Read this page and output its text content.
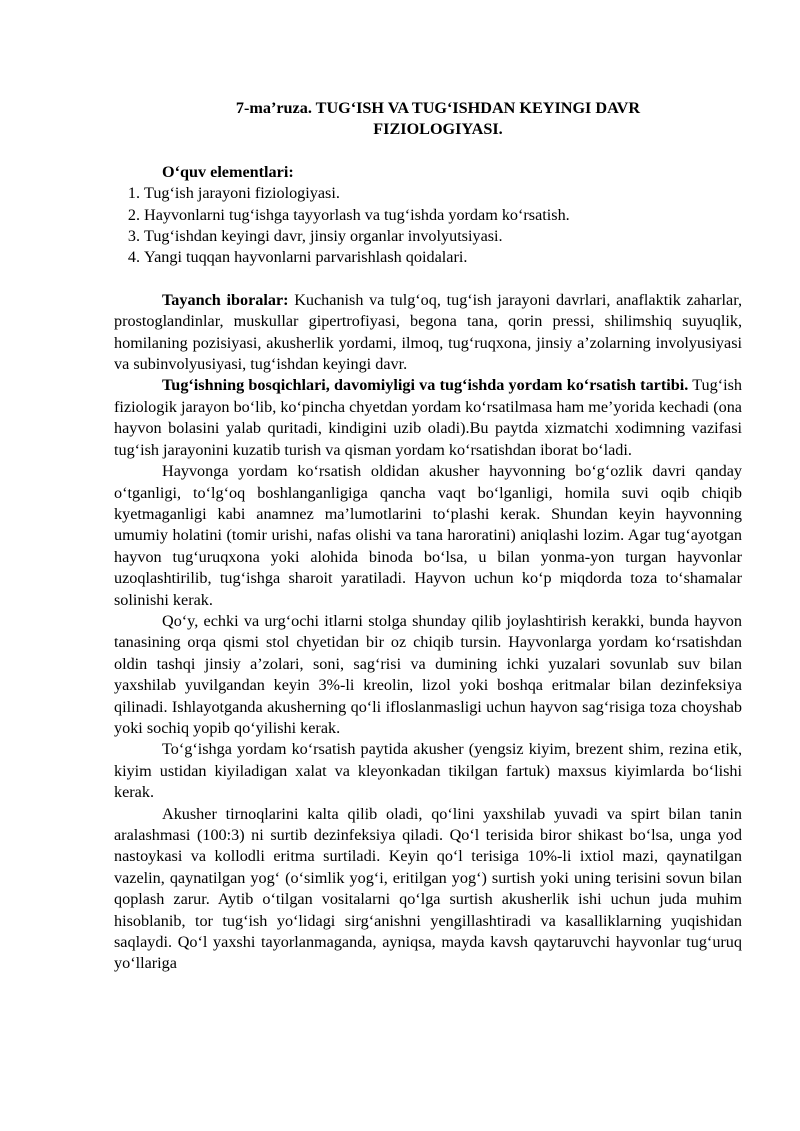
7-ma’ruza. TUG‘ISH VA TUG‘ISHDAN KEYINGI DAVR
FIZIOLOGIYASI.

O‘quv elementlari:

1. Tug‘ish jarayoni fiziologiyasi.
2. Hayvonlarni tug‘ishga tayyorlash va tug‘ishda yordam ko‘rsatish.
3. Tug‘ishdan keyingi davr, jinsiy organlar involyutsiyasi.
4. Yangi tuqqan hayvonlarni parvarishlash qoidalari.

Tayanch iboralar: Kuchanish va tulg‘oq, tug‘ish jarayoni davrlari, anaflaktik zaharlar, prostoglandinlar, muskullar gipertrofiyasi, begona tana, qorin pressi, shilimshiq suyuqlik, homilaning pozisiyasi, akusherlik yordami, ilmoq, tug‘ruqxona, jinsiy a’zolarning involyusiyasi va subinvolyusiyasi, tug‘ishdan keyingi davr.

Tug‘ishning bosqichlari, davomiyligi va tug‘ishda yordam ko‘rsatish tartibi. Tug‘ish fiziologik jarayon bo‘lib, ko‘pincha chyetdan yordam ko‘rsatilmasa ham me’yorida kechadi (ona hayvon bolasini yalab quritadi, kindigini uzib oladi).Bu paytda xizmatchi xodimning vazifasi tug‘ish jarayonini kuzatib turish va qisman yordam ko‘rsatishdan iborat bo‘ladi.

Hayvonga yordam ko‘rsatish oldidan akusher hayvonning bo‘g‘ozlik davri qanday o‘tganligi, to‘lg‘oq boshlanganligiga qancha vaqt bo‘lganligi, homila suvi oqib chiqib kyetmaganligi kabi anamnez ma’lumotlarini to‘plashi kerak. Shundan keyin hayvonning umumiy holatini (tomir urishi, nafas olishi va tana haroratini) aniqlashi lozim. Agar tug‘ayotgan hayvon tug‘uruqxona yoki alohida binoda bo‘lsa, u bilan yonma-yon turgan hayvonlar uzoqlashtirilib, tug‘ishga sharoit yaratiladi. Hayvon uchun ko‘p miqdorda toza to‘shamalar solinishi kerak.

Qo‘y, echki va urg‘ochi itlarni stolga shunday qilib joylashtirish kerakki, bunda hayvon tanasining orqa qismi stol chyetidan bir oz chiqib tursin. Hayvonlarga yordam ko‘rsatishdan oldin tashqi jinsiy a’zolari, soni, sag‘risi va dumining ichki yuzalari sovunlab suv bilan yaxshilab yuvilgandan keyin 3%-li kreolin, lizol yoki boshqa eritmalar bilan dezinfeksiya qilinadi. Ishlayotganda akusherning qo‘li ifloslanmasligi uchun hayvon sag‘risiga toza choyshab yoki sochiq yopib qo‘yilishi kerak.

To‘g‘ishga yordam ko‘rsatish paytida akusher (yengsiz kiyim, brezent shim, rezina etik, kiyim ustidan kiyiladigan xalat va kleyonkadan tikilgan fartuk) maxsus kiyimlarda bo‘lishi kerak.

Akusher tirnoqlarini kalta qilib oladi, qo‘lini yaxshilab yuvadi va spirt bilan tanin aralashmasi (100:3) ni surtib dezinfeksiya qiladi. Qo‘l terisida biror shikast bo‘lsa, unga yod nastoykasi va kollodli eritma surtiladi. Keyin qo‘l terisiga 10%-li ixtiol mazi, qaynatilgan vazelin, qaynatilgan yog‘ (o‘simlik yog‘i, eritilgan yog‘) surtish yoki uning terisini sovun bilan qoplash zarur. Aytib o‘tilgan vositalarni qo‘lga surtish akusherlik ishi uchun juda muhim hisoblanib, tor tug‘ish yo‘lidagi sirg‘anishni yengillashtiradi va kasalliklarning yuqishidan saqlaydi. Qo‘l yaxshi tayorlanmaganda, ayniqsa, mayda kavsh qaytaruvchi hayvonlar tug‘uruq yo‘llariga
